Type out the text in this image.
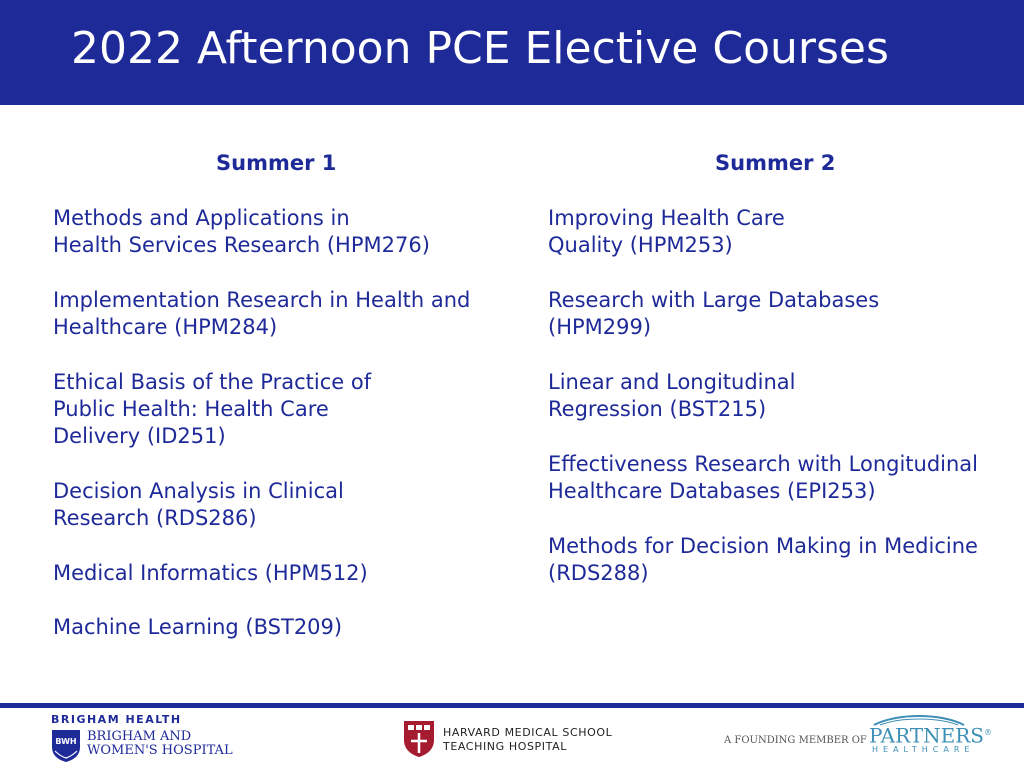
2022 Afternoon PCE Elective Courses
Summer 1
Methods and Applications in
Health Services Research (HPM276)
Implementation Research in Health and
Healthcare (HPM284)
Ethical Basis of the Practice of
Public Health: Health Care
Delivery (ID251)
Decision Analysis in Clinical
Research (RDS286)
Medical Informatics (HPM512)
Machine Learning (BST209)
Summer 2
Improving Health Care
Quality (HPM253)
Research with Large Databases
(HPM299)
Linear and Longitudinal
Regression (BST215)
Effectiveness Research with Longitudinal
Healthcare Databases (EPI253)
Methods for Decision Making in Medicine
(RDS288)
BRIGHAM HEALTH
BWH BRIGHAM AND
WOMEN'S HOSPITAL
HARVARD MEDICAL SCHOOL
TEACHING HOSPITAL	A FOUNDING MEMBER OF PARTNERS®
HEALTHCARE
